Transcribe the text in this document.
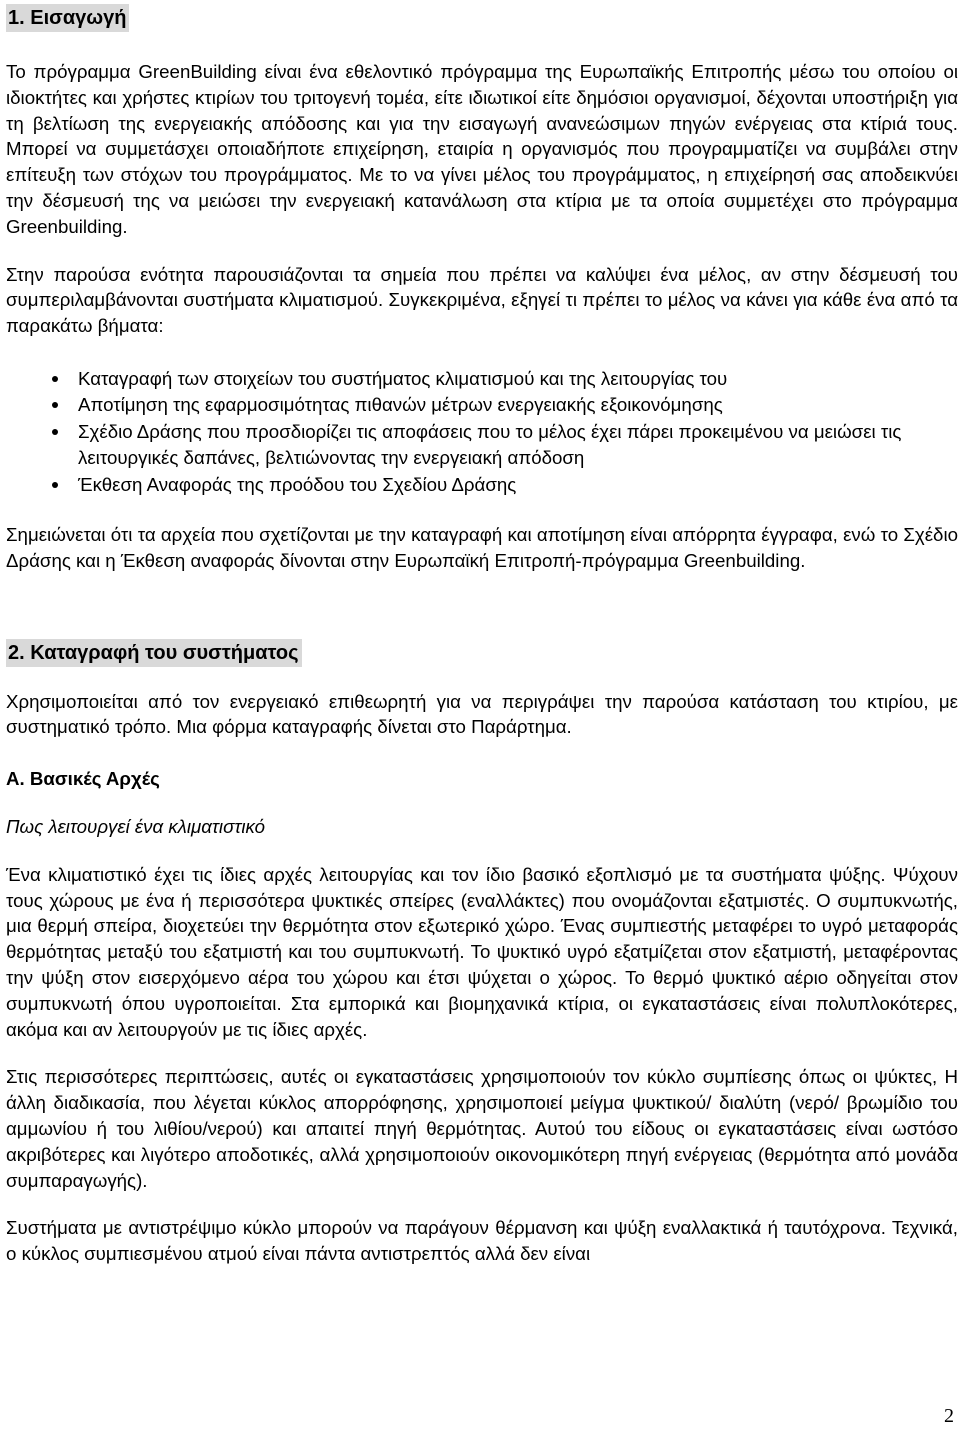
1. Εισαγωγή

Το πρόγραμμα GreenBuilding είναι ένα εθελοντικό πρόγραμμα της Ευρωπαϊκής Επιτροπής μέσω του οποίου οι ιδιοκτήτες και χρήστες κτιρίων του τριτογενή τομέα, είτε ιδιωτικοί είτε δημόσιοι οργανισμοί, δέχονται υποστήριξη για τη βελτίωση της ενεργειακής απόδοσης και για την εισαγωγή ανανεώσιμων πηγών ενέργειας στα κτίριά τους. Μπορεί να συμμετάσχει οποιαδήποτε επιχείρηση, εταιρία η οργανισμός που προγραμματίζει να συμβάλει στην επίτευξη των στόχων του προγράμματος. Με το να γίνει μέλος του προγράμματος, η επιχείρησή σας αποδεικνύει την δέσμευσή της να μειώσει την ενεργειακή κατανάλωση στα κτίρια με τα οποία συμμετέχει στο πρόγραμμα Greenbuilding.

Στην παρούσα ενότητα παρουσιάζονται τα σημεία που πρέπει να καλύψει ένα μέλος, αν στην δέσμευσή του συμπεριλαμβάνονται συστήματα κλιματισμού. Συγκεκριμένα, εξηγεί τι πρέπει το μέλος να κάνει για κάθε ένα από τα παρακάτω βήματα:

Καταγραφή των στοιχείων του συστήματος κλιματισμού και της λειτουργίας του
Αποτίμηση της εφαρμοσιμότητας πιθανών μέτρων ενεργειακής εξοικονόμησης
Σχέδιο Δράσης που προσδιορίζει τις αποφάσεις που το μέλος έχει πάρει προκειμένου να μειώσει τις λειτουργικές δαπάνες, βελτιώνοντας την ενεργειακή απόδοση
Έκθεση Αναφοράς της προόδου του Σχεδίου Δράσης

Σημειώνεται ότι τα αρχεία που σχετίζονται με την καταγραφή και αποτίμηση είναι απόρρητα έγγραφα, ενώ το Σχέδιο Δράσης και η Έκθεση αναφοράς δίνονται στην Ευρωπαϊκή Επιτροπή-πρόγραμμα Greenbuilding.

2. Καταγραφή του συστήματος

Χρησιμοποιείται από τον ενεργειακό επιθεωρητή για να περιγράψει την παρούσα κατάσταση του κτιρίου, με συστηματικό τρόπο. Μια φόρμα καταγραφής δίνεται στο Παράρτημα.

Α. Βασικές Αρχές
Πως λειτουργεί ένα κλιματιστικό

Ένα κλιματιστικό έχει τις ίδιες αρχές λειτουργίας και τον ίδιο βασικό εξοπλισμό με τα συστήματα ψύξης. Ψύχουν τους χώρους με ένα ή περισσότερα ψυκτικές σπείρες (εναλλάκτες) που ονομάζονται εξατμιστές. Ο συμπυκνωτής, μια θερμή σπείρα, διοχετεύει την θερμότητα στον εξωτερικό χώρο. Ένας συμπιεστής μεταφέρει το υγρό μεταφοράς θερμότητας μεταξύ του εξατμιστή και του συμπυκνωτή. Το ψυκτικό υγρό εξατμίζεται στον εξατμιστή, μεταφέροντας την ψύξη στον εισερχόμενο αέρα του χώρου και έτσι ψύχεται ο χώρος. Το θερμό ψυκτικό αέριο οδηγείται στον συμπυκνωτή όπου υγροποιείται. Στα εμπορικά και βιομηχανικά κτίρια, οι εγκαταστάσεις είναι πολυπλοκότερες, ακόμα και αν λειτουργούν με τις ίδιες αρχές.

Στις περισσότερες περιπτώσεις, αυτές οι εγκαταστάσεις χρησιμοποιούν τον κύκλο συμπίεσης όπως οι ψύκτες, Η άλλη διαδικασία, που λέγεται κύκλος απορρόφησης, χρησιμοποιεί μείγμα ψυκτικού/ διαλύτη (νερό/ βρωμίδιο του αμμωνίου ή του λιθίου/νερού) και απαιτεί πηγή θερμότητας. Αυτού του είδους οι εγκαταστάσεις είναι ωστόσο ακριβότερες και λιγότερο αποδοτικές, αλλά χρησιμοποιούν οικονομικότερη πηγή ενέργειας (θερμότητα από μονάδα συμπαραγωγής).

Συστήματα με αντιστρέψιμο κύκλο μπορούν να παράγουν θέρμανση και ψύξη εναλλακτικά ή ταυτόχρονα. Τεχνικά, ο κύκλος συμπιεσμένου ατμού είναι πάντα αντιστρεπτός αλλά δεν είναι

2
